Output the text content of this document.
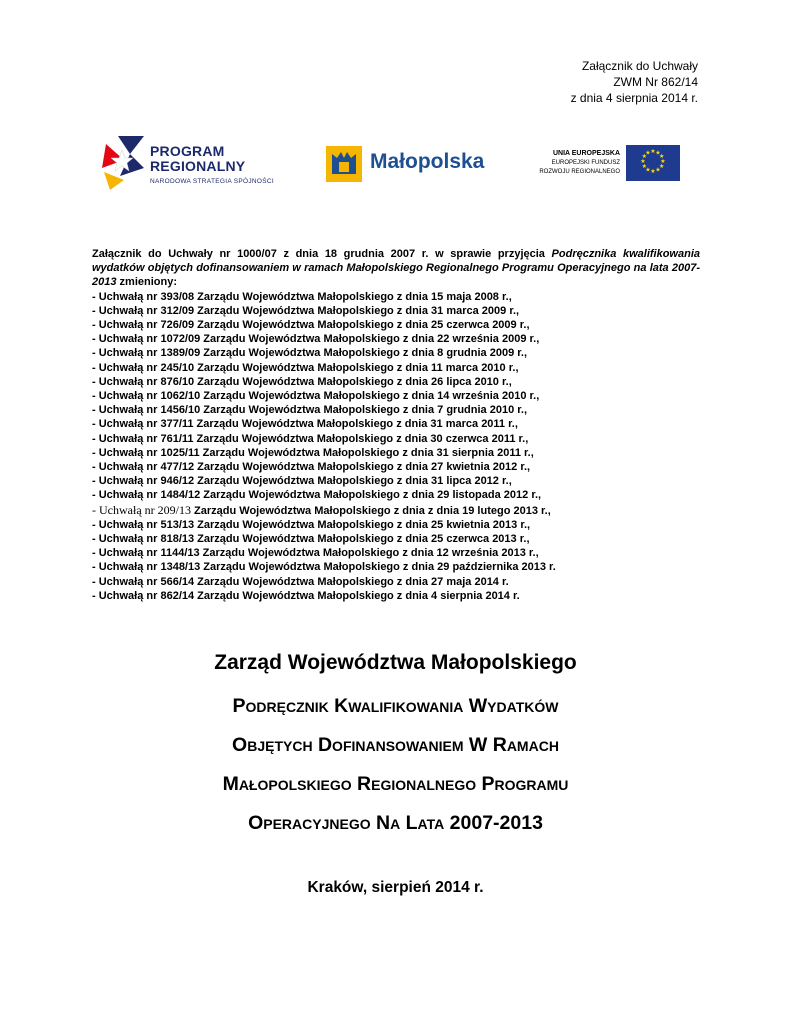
Załącznik do Uchwały
ZWM Nr 862/14
z dnia 4 sierpnia 2014 r.
PROGRAM
REGIONALNY
NARODOWA STRATEGIA SPÓJNOŚCI
Małopolska	UNIA EUROPEJSKA
EUROPEJSKI FUNDUSZ
ROZWOJU REGIONALNEGO
★ ★
★
★
★
★
★
★
★
★
★
★
Załącznik do Uchwały nr 1000/07 z dnia 18 grudnia 2007 r. w sprawie przyjęcia Podręcznika kwalifikowania wydatków objętych dofinansowaniem w ramach Małopolskiego Regionalnego Programu Operacyjnego na lata 2007-2013 zmieniony:
- Uchwałą nr 393/08 Zarządu Województwa Małopolskiego z dnia 15 maja 2008 r.,
- Uchwałą nr 312/09 Zarządu Województwa Małopolskiego z dnia 31 marca 2009 r.,
- Uchwałą nr 726/09 Zarządu Województwa Małopolskiego z dnia 25 czerwca 2009 r.,
- Uchwałą nr 1072/09 Zarządu Województwa Małopolskiego z dnia 22 września 2009 r.,
- Uchwałą nr 1389/09 Zarządu Województwa Małopolskiego z dnia 8 grudnia 2009 r.,
- Uchwałą nr 245/10 Zarządu Województwa Małopolskiego z dnia 11 marca 2010 r.,
- Uchwałą nr 876/10 Zarządu Województwa Małopolskiego z dnia 26 lipca 2010 r.,
- Uchwałą nr 1062/10 Zarządu Województwa Małopolskiego z dnia 14 września 2010 r.,
- Uchwałą nr 1456/10 Zarządu Województwa Małopolskiego z dnia 7 grudnia 2010 r.,
- Uchwałą nr 377/11 Zarządu Województwa Małopolskiego z dnia 31 marca 2011 r.,
- Uchwałą nr 761/11 Zarządu Województwa Małopolskiego z dnia 30 czerwca 2011 r.,
- Uchwałą nr 1025/11 Zarządu Województwa Małopolskiego z dnia 31 sierpnia 2011 r.,
- Uchwałą nr 477/12 Zarządu Województwa Małopolskiego z dnia 27 kwietnia 2012 r.,
- Uchwałą nr 946/12 Zarządu Województwa Małopolskiego z dnia 31 lipca 2012 r.,
- Uchwałą nr 1484/12 Zarządu Województwa Małopolskiego z dnia 29 listopada 2012 r.,
- Uchwałą nr 209/13 Zarządu Województwa Małopolskiego z dnia z dnia 19 lutego 2013 r.,
- Uchwałą nr 513/13 Zarządu Województwa Małopolskiego z dnia 25 kwietnia 2013 r.,
- Uchwałą nr 818/13 Zarządu Województwa Małopolskiego z dnia 25 czerwca 2013 r.,
- Uchwałą nr 1144/13 Zarządu Województwa Małopolskiego z dnia 12 września 2013 r.,
- Uchwałą nr 1348/13 Zarządu Województwa Małopolskiego z dnia 29 października 2013 r.
- Uchwałą nr 566/14 Zarządu Województwa Małopolskiego z dnia 27 maja 2014 r.
- Uchwałą nr 862/14 Zarządu Województwa Małopolskiego z dnia 4 sierpnia 2014 r.
Zarząd Województwa Małopolskiego
Podręcznik Kwalifikowania Wydatków
Objętych Dofinansowaniem W Ramach
Małopolskiego Regionalnego Programu
Operacyjnego Na Lata 2007-2013
Kraków, sierpień 2014 r.
